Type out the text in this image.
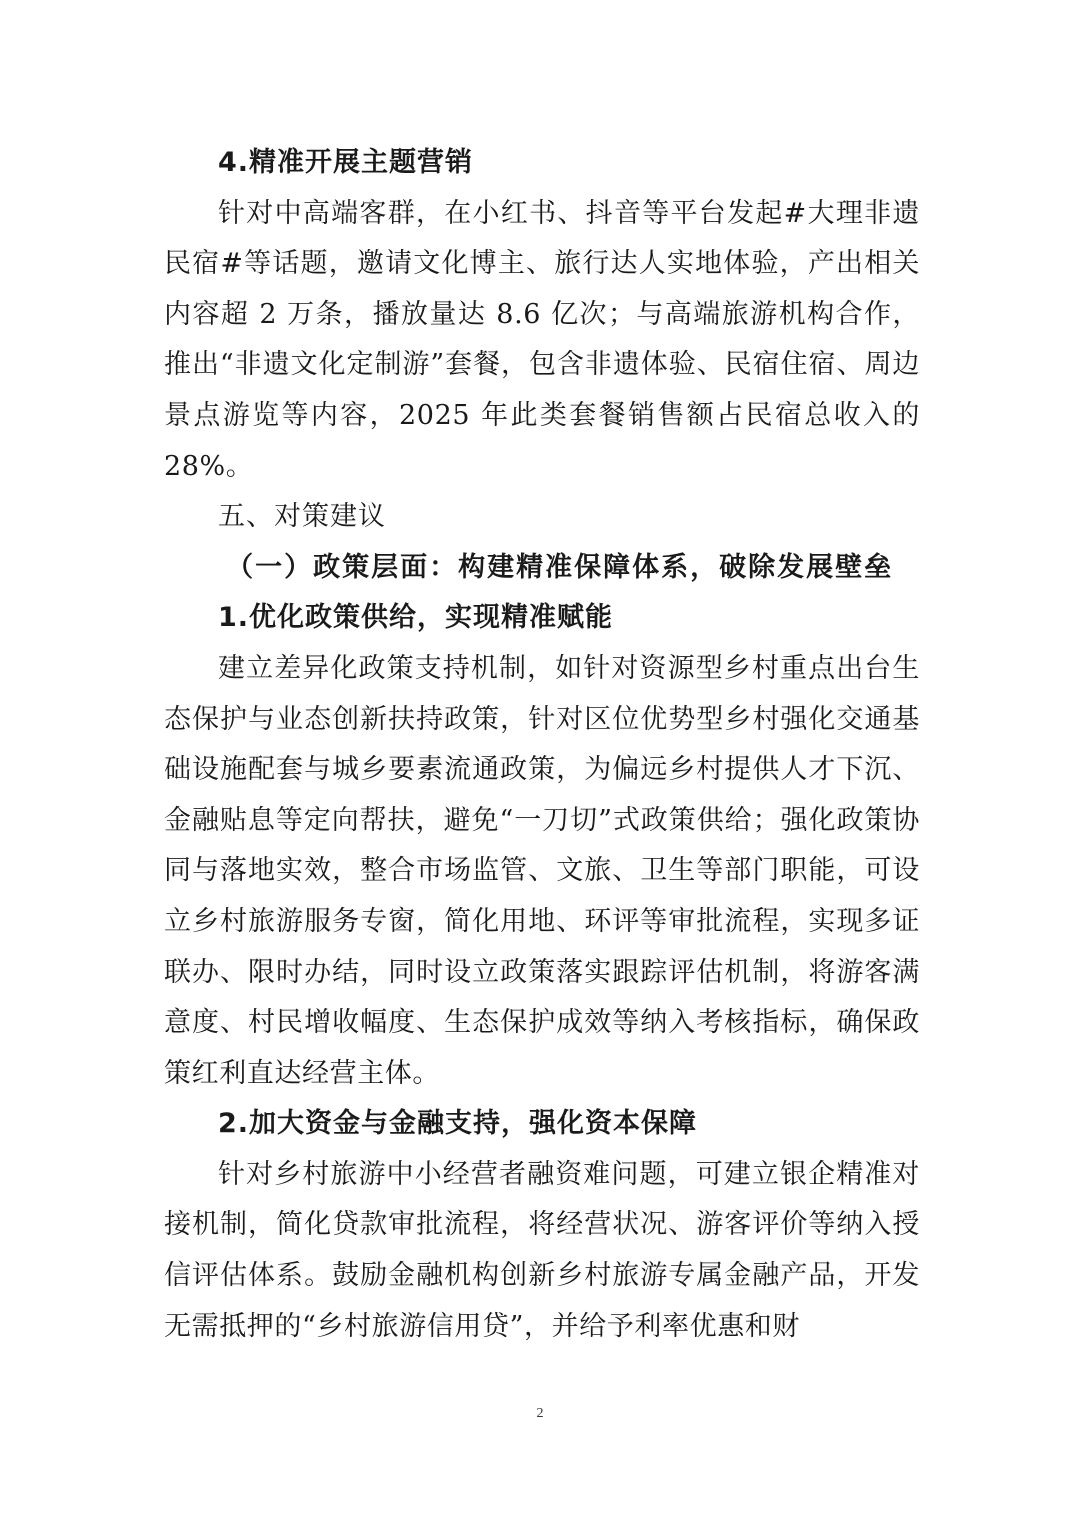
4.精准开展主题营销

针对中高端客群，在小红书、抖音等平台发起#大理非遗民宿#等话题，邀请文化博主、旅行达人实地体验，产出相关内容超 2 万条，播放量达 8.6 亿次；与高端旅游机构合作，推出“非遗文化定制游”套餐，包含非遗体验、民宿住宿、周边景点游览等内容，2025 年此类套餐销售额占民宿总收入的 28%。

五、对策建议
（一）政策层面：构建精准保障体系，破除发展壁垒
1.优化政策供给，实现精准赋能

建立差异化政策支持机制，如针对资源型乡村重点出台生态保护与业态创新扶持政策，针对区位优势型乡村强化交通基础设施配套与城乡要素流通政策，为偏远乡村提供人才下沉、金融贴息等定向帮扶，避免“一刀切”式政策供给；强化政策协同与落地实效，整合市场监管、文旅、卫生等部门职能，可设立乡村旅游服务专窗，简化用地、环评等审批流程，实现多证联办、限时办结，同时设立政策落实跟踪评估机制，将游客满意度、村民增收幅度、生态保护成效等纳入考核指标，确保政策红利直达经营主体。

2.加大资金与金融支持，强化资本保障

针对乡村旅游中小经营者融资难问题，可建立银企精准对接机制，简化贷款审批流程，将经营状况、游客评价等纳入授信评估体系。鼓励金融机构创新乡村旅游专属金融产品，开发无需抵押的“乡村旅游信用贷”，并给予利率优惠和财

2
